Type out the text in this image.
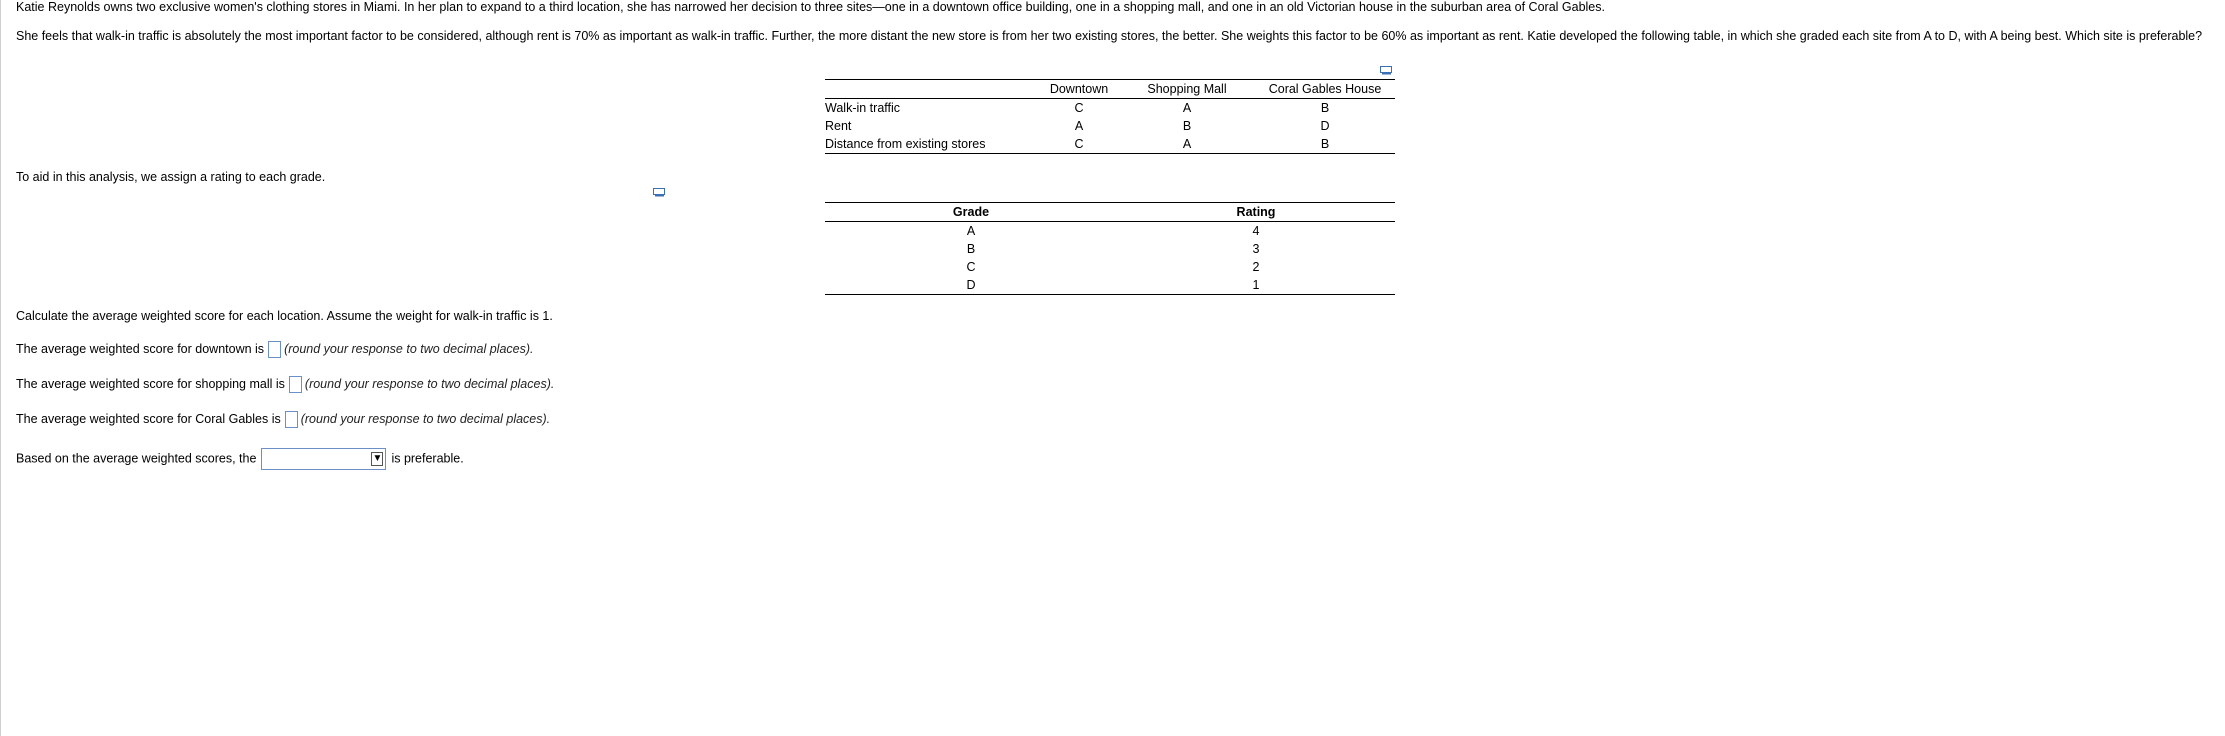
Katie Reynolds owns two exclusive women's clothing stores in Miami. In her plan to expand to a third location, she has narrowed her decision to three sites—one in a downtown office building, one in a shopping mall, and one in an old Victorian house in the suburban area of Coral Gables.
She feels that walk-in traffic is absolutely the most important factor to be considered, although rent is 70% as important as walk-in traffic. Further, the more distant the new store is from her two existing stores, the better. She weights this factor to be 60% as important as rent. Katie developed the following table, in which she graded each site from A to D, with A being best. Which site is preferable?
	Downtown	Shopping Mall	Coral Gables House
Walk-in traffic	C	A	B
Rent	A	B	D
Distance from existing stores	C	A	B
To aid in this analysis, we assign a rating to each grade.
Grade	Rating
A	4
B	3
C	2
D	1
Calculate the average weighted score for each location. Assume the weight for walk-in traffic is 1.
The average weighted score for downtown is (round your response to two decimal places).
The average weighted score for shopping mall is (round your response to two decimal places).
The average weighted score for Coral Gables is (round your response to two decimal places).
Based on the average weighted scores, the	▼ is preferable.
